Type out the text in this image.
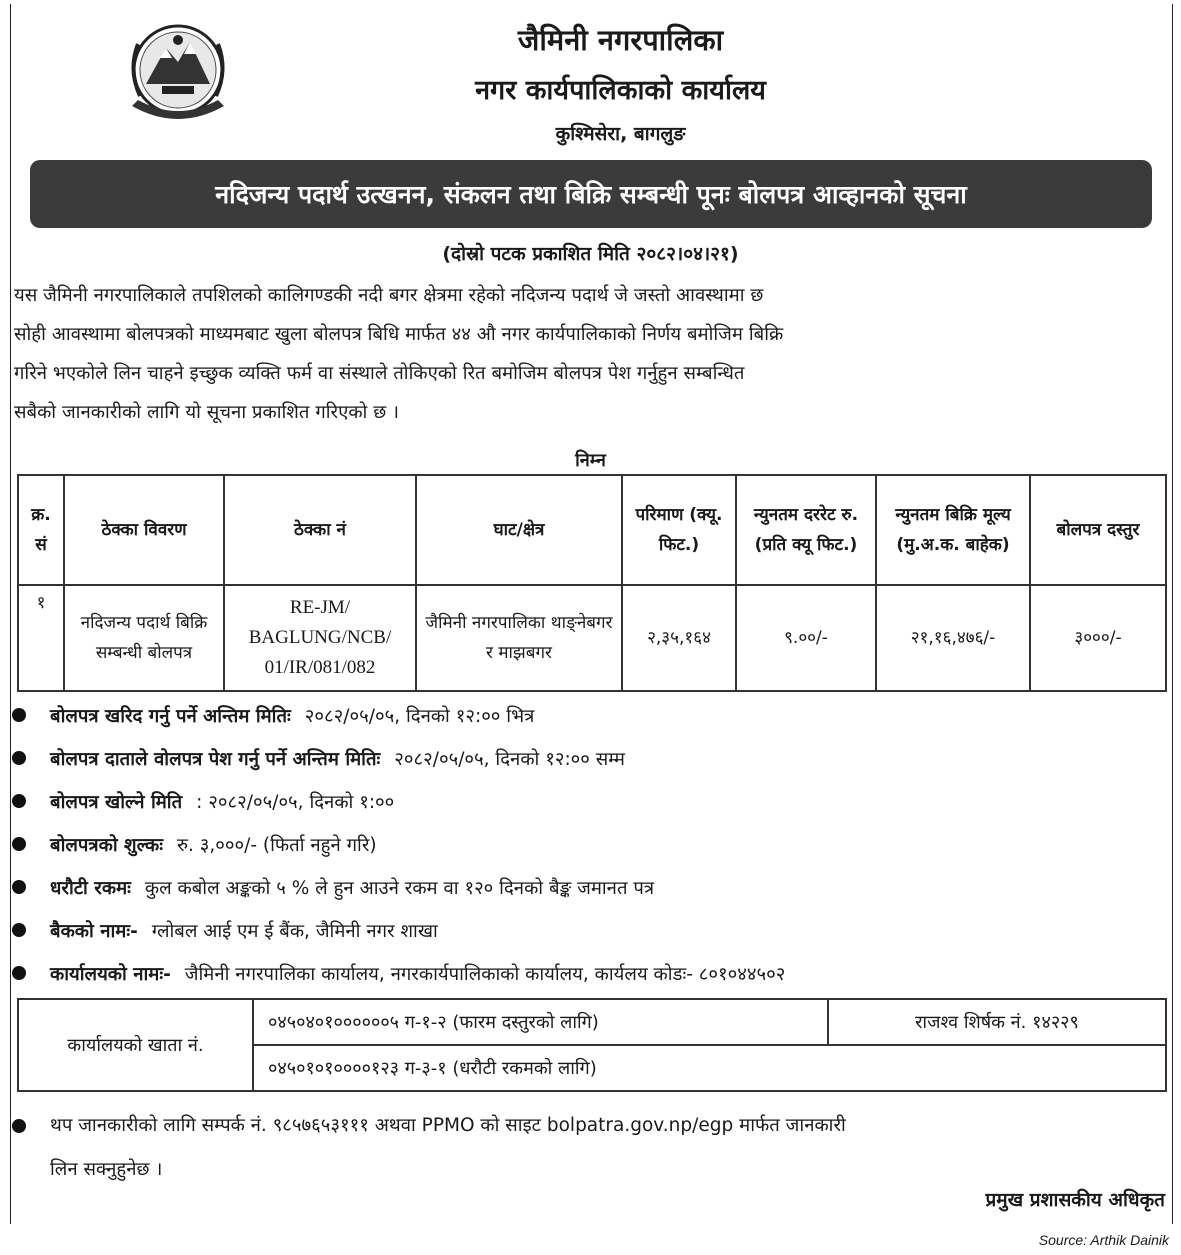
जैमिनी नगरपालिका
नगर कार्यपालिकाको कार्यालय
कुश्मिसेरा, बागलुङ
नदिजन्य पदार्थ उत्खनन, संकलन तथा बिक्रि सम्बन्धी पूनः बोलपत्र आव्हानको सूचना
(दोस्रो पटक प्रकाशित मिति २०८२।०४।२१)
यस जैमिनी नगरपालिकाले तपशिलको कालिगण्डकी नदी बगर क्षेत्रमा रहेको नदिजन्य पदार्थ जे जस्तो आवस्थामा छ
सोही आवस्थामा बोलपत्रको माध्यमबाट खुला बोलपत्र बिधि मार्फत ४४ औ नगर कार्यपालिकाको निर्णय बमोजिम बिक्रि
गरिने भएकोले लिन चाहने इच्छुक व्यक्ति फर्म वा संस्थाले तोकिएको रित बमोजिम बोलपत्र पेश गर्नुहुन सम्बन्धित
सबैको जानकारीको लागि यो सूचना प्रकाशित गरिएको छ ।
निम्न
क्र. सं	ठेक्का विवरण	ठेक्का नं	घाट/क्षेत्र	परिमाण (क्यू. फिट.)	न्युनतम दररेट रु. (प्रति क्यू फिट.)	न्युनतम बिक्रि मूल्य (मु.अ.क. बाहेक)	बोलपत्र दस्तुर
१	नदिजन्य पदार्थ बिक्रि सम्बन्धी बोलपत्र	RE-JM/ BAGLUNG/NCB/ 01/IR/081/082	जैमिनी नगरपालिका थाङ्नेबगर र माझबगर	२,३५,१६४	९.००/-	२१,१६,४७६/-	३०००/-
बोलपत्र खरिद गर्नु पर्ने अन्तिम मितिः २०८२/०५/०५, दिनको १२:०० भित्र
बोलपत्र दाताले वोलपत्र पेश गर्नु पर्ने अन्तिम मितिः २०८२/०५/०५, दिनको १२:०० सम्म
बोलपत्र खोल्ने मिति : २०८२/०५/०५, दिनको १:००
बोलपत्रको शुल्कः रु. ३,०००/- (फिर्ता नहुने गरि)
धरौटी रकमः कुल कबोल अङ्कको ५ % ले हुन आउने रकम वा १२० दिनको बैङ्क जमानत पत्र
बैकको नामः- ग्लोबल आई एम ई बैंक, जैमिनी नगर शाखा
कार्यालयको नामः- जैमिनी नगरपालिका कार्यालय, नगरकार्यपालिकाको कार्यालय, कार्यलय कोडः- ८०१०४४५०२
कार्यालयको खाता नं.	०४५०४०१००००००५ ग-१-२ (फारम दस्तुरको लागि)	राजश्व शिर्षक नं. १४२२९
०४५०१०१००००१२३ ग-३-१ (धरौटी रकमको लागि)
थप जानकारीको लागि सम्पर्क नं. ९८५७६५३१११ अथवा PPMO को साइट bolpatra.gov.np/egp मार्फत जानकारी
लिन सक्नुहुनेछ ।
प्रमुख प्रशासकीय अधिकृत
Source: Arthik Dainik
